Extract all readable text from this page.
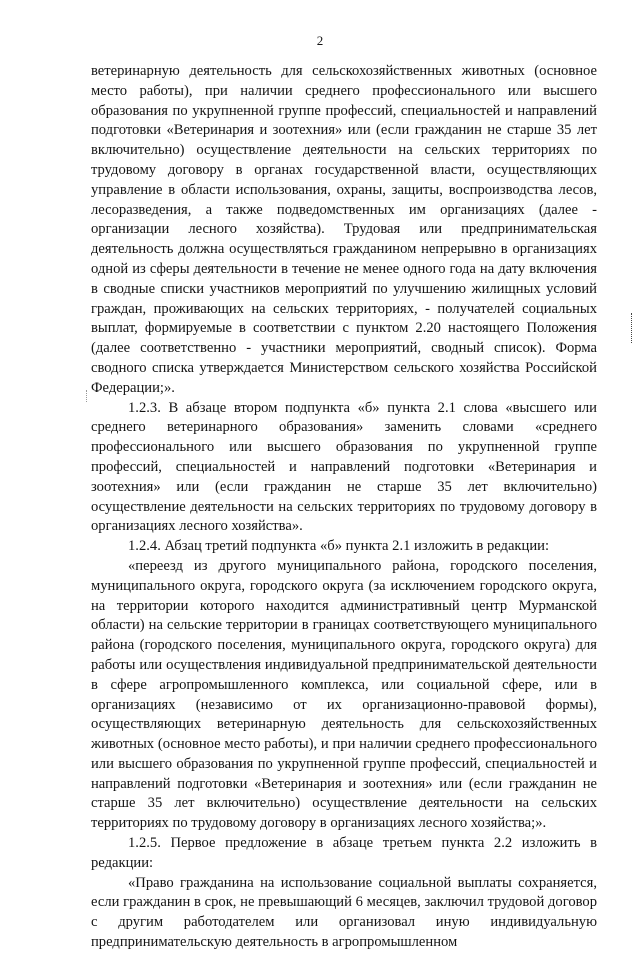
2

ветеринарную деятельность для сельскохозяйственных животных (основное место работы), при наличии среднего профессионального или высшего образования по укрупненной группе профессий, специальностей и направлений подготовки «Ветеринария и зоотехния» или (если гражданин не старше 35 лет включительно) осуществление деятельности на сельских территориях по трудовому договору в органах государственной власти, осуществляющих управление в области использования, охраны, защиты, воспроизводства лесов, лесоразведения, а также подведомственных им организациях (далее - организации лесного хозяйства). Трудовая или предпринимательская деятельность должна осуществляться гражданином непрерывно в организациях одной из сферы деятельности в течение не менее одного года на дату включения в сводные списки участников мероприятий по улучшению жилищных условий граждан, проживающих на сельских территориях, - получателей социальных выплат, формируемые в соответствии с пунктом 2.20 настоящего Положения (далее соответственно - участники мероприятий, сводный список). Форма сводного списка утверждается Министерством сельского хозяйства Российской Федерации;».

1.2.3. В абзаце втором подпункта «б» пункта 2.1 слова «высшего или среднего ветеринарного образования» заменить словами «среднего профессионального или высшего образования по укрупненной группе профессий, специальностей и направлений подготовки «Ветеринария и зоотехния» или (если гражданин не старше 35 лет включительно) осуществление деятельности на сельских территориях по трудовому договору в организациях лесного хозяйства».

1.2.4. Абзац третий подпункта «б» пункта 2.1 изложить в редакции:

«переезд из другого муниципального района, городского поселения, муниципального округа, городского округа (за исключением городского округа, на территории которого находится административный центр Мурманской области) на сельские территории в границах соответствующего муниципального района (городского поселения, муниципального округа, городского округа) для работы или осуществления индивидуальной предпринимательской деятельности в сфере агропромышленного комплекса, или социальной сфере, или в организациях (независимо от их организационно-правовой формы), осуществляющих ветеринарную деятельность для сельскохозяйственных животных (основное место работы), и при наличии среднего профессионального или высшего образования по укрупненной группе профессий, специальностей и направлений подготовки «Ветеринария и зоотехния» или (если гражданин не старше 35 лет включительно) осуществление деятельности на сельских территориях по трудовому договору в организациях лесного хозяйства;».

1.2.5. Первое предложение в абзаце третьем пункта 2.2 изложить в редакции:

«Право гражданина на использование социальной выплаты сохраняется, если гражданин в срок, не превышающий 6 месяцев, заключил трудовой договор с другим работодателем или организовал иную индивидуальную предпринимательскую деятельность в агропромышленном
